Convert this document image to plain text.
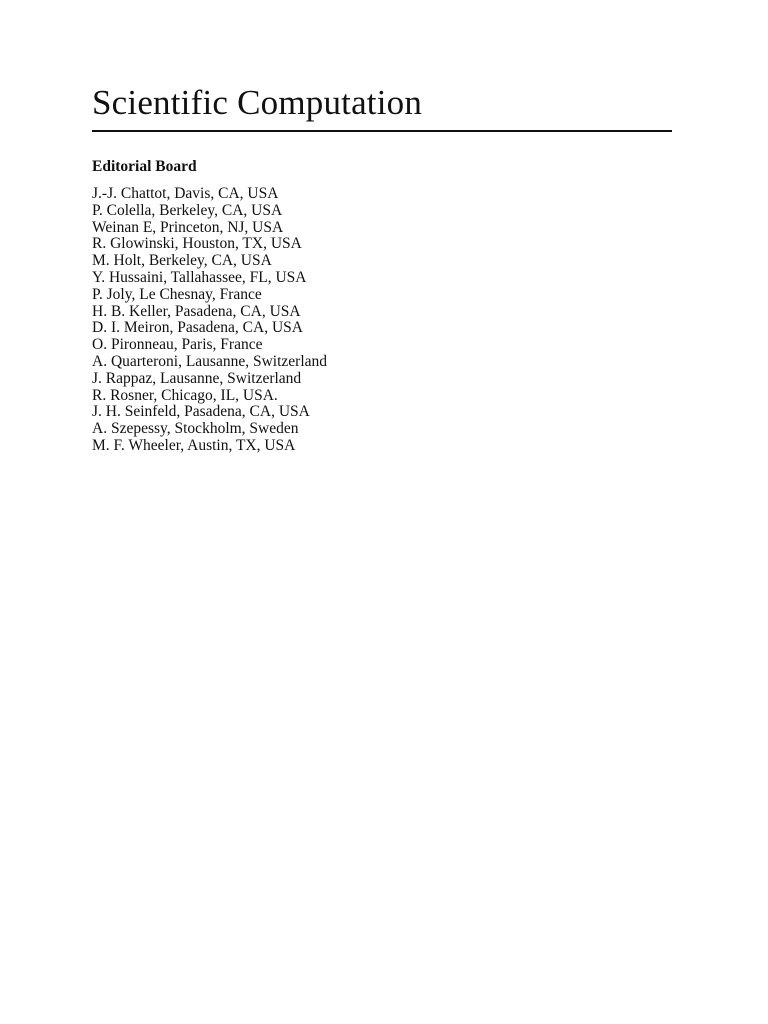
Scientific Computation
Editorial Board
J.-J. Chattot, Davis, CA, USA
P. Colella, Berkeley, CA, USA
Weinan E, Princeton, NJ, USA
R. Glowinski, Houston, TX, USA
M. Holt, Berkeley, CA, USA
Y. Hussaini, Tallahassee, FL, USA
P. Joly, Le Chesnay, France
H. B. Keller, Pasadena, CA, USA
D. I. Meiron, Pasadena, CA, USA
O. Pironneau, Paris, France
A. Quarteroni, Lausanne, Switzerland
J. Rappaz, Lausanne, Switzerland
R. Rosner, Chicago, IL, USA.
J. H. Seinfeld, Pasadena, CA, USA
A. Szepessy, Stockholm, Sweden
M. F. Wheeler, Austin, TX, USA
